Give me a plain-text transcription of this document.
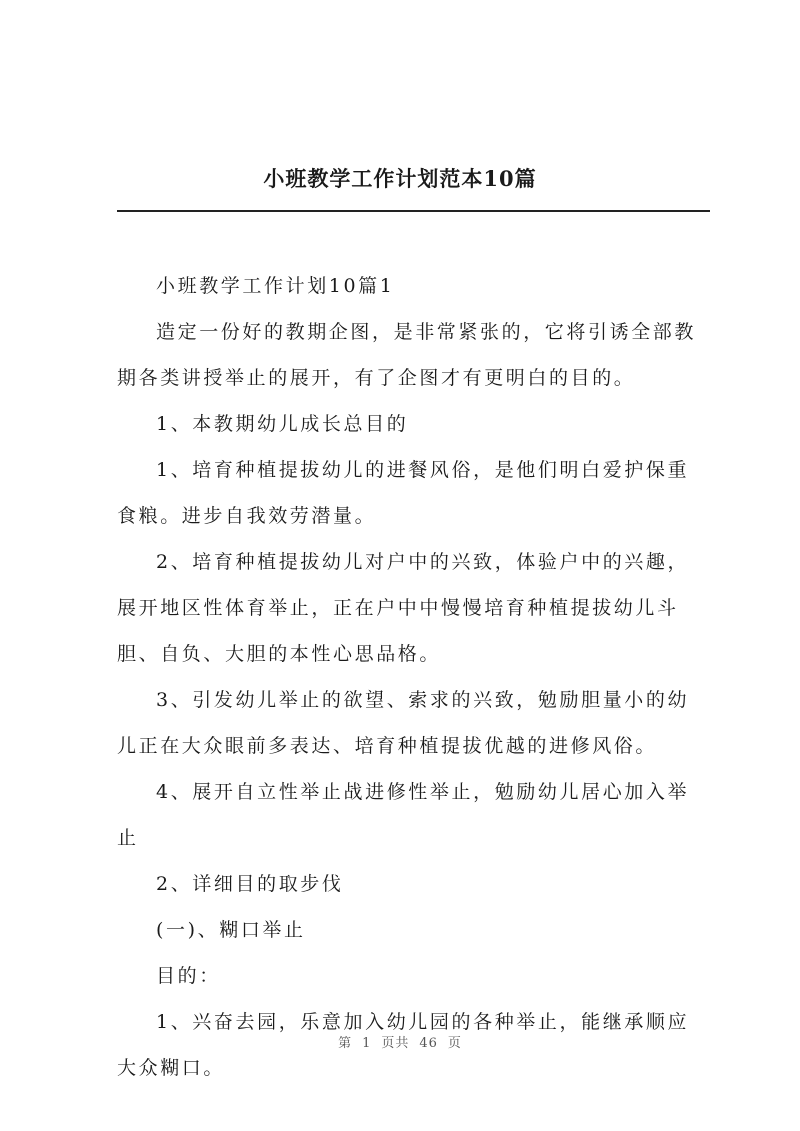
小班教学工作计划范本10篇

小班教学工作计划10篇1

造定一份好的教期企图，是非常紧张的，它将引诱全部教期各类讲授举止的展开，有了企图才有更明白的目的。

1、本教期幼儿成长总目的

1、培育种植提拔幼儿的进餐风俗，是他们明白爱护保重食粮。进步自我效劳潜量。

2、培育种植提拔幼儿对户中的兴致，体验户中的兴趣，展开地区性体育举止，正在户中中慢慢培育种植提拔幼儿斗胆、自负、大胆的本性心思品格。

3、引发幼儿举止的欲望、索求的兴致，勉励胆量小的幼儿正在大众眼前多表达、培育种植提拔优越的进修风俗。

4、展开自立性举止战进修性举止，勉励幼儿居心加入举止

2、详细目的取步伐

(一)、糊口举止

目的：

1、兴奋去园，乐意加入幼儿园的各种举止，能继承顺应大众糊口。

第 1 页共 46 页
